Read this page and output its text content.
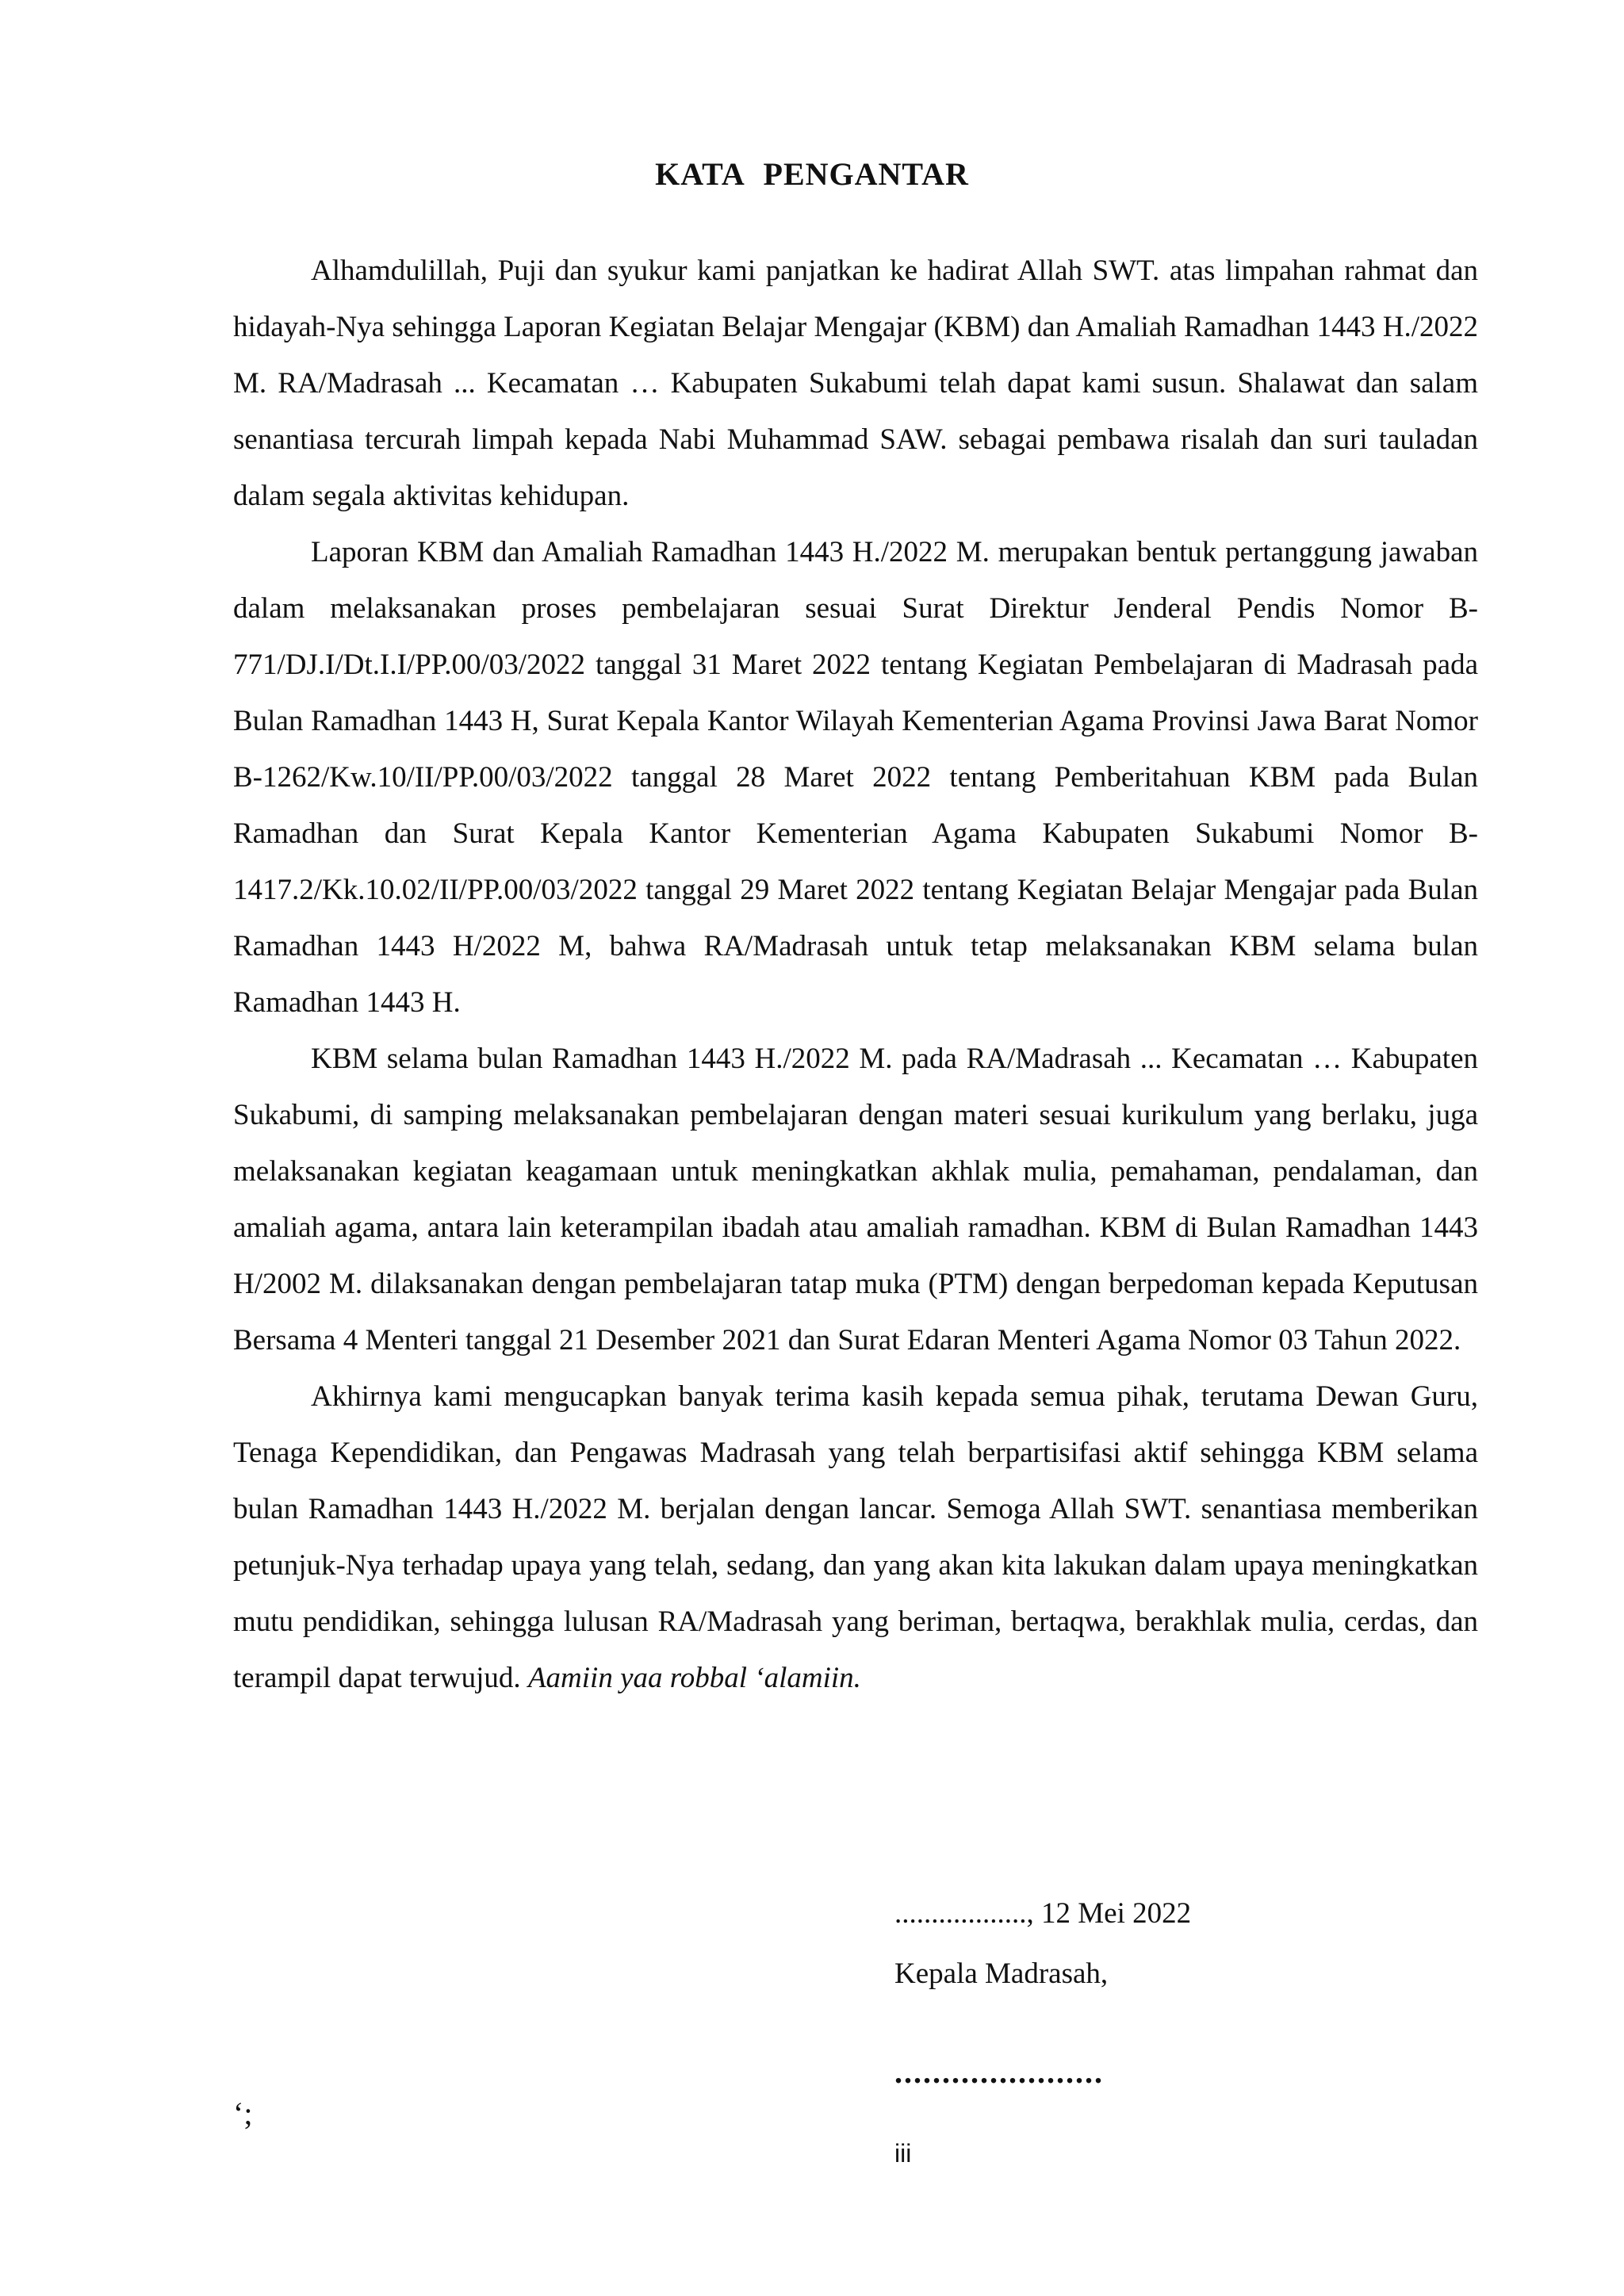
KATA PENGANTAR

Alhamdulillah, Puji dan syukur kami panjatkan ke hadirat Allah SWT. atas limpahan rahmat dan hidayah-Nya sehingga Laporan Kegiatan Belajar Mengajar (KBM) dan Amaliah Ramadhan 1443 H./2022 M. RA/Madrasah ... Kecamatan … Kabupaten Sukabumi telah dapat kami susun. Shalawat dan salam senantiasa tercurah limpah kepada Nabi Muhammad SAW. sebagai pembawa risalah dan suri tauladan dalam segala aktivitas kehidupan.

Laporan KBM dan Amaliah Ramadhan 1443 H./2022 M. merupakan bentuk pertanggung jawaban dalam melaksanakan proses pembelajaran sesuai Surat Direktur Jenderal Pendis Nomor B-771/DJ.I/Dt.I.I/PP.00/03/2022 tanggal 31 Maret 2022 tentang Kegiatan Pembelajaran di Madrasah pada Bulan Ramadhan 1443 H, Surat Kepala Kantor Wilayah Kementerian Agama Provinsi Jawa Barat Nomor B-1262/Kw.10/II/PP.00/03/2022 tanggal 28 Maret 2022 tentang Pemberitahuan KBM pada Bulan Ramadhan dan Surat Kepala Kantor Kementerian Agama Kabupaten Sukabumi Nomor B-1417.2/Kk.10.02/II/PP.00/03/2022 tanggal 29 Maret 2022 tentang Kegiatan Belajar Mengajar pada Bulan Ramadhan 1443 H/2022 M, bahwa RA/Madrasah untuk tetap melaksanakan KBM selama bulan Ramadhan 1443 H.

KBM selama bulan Ramadhan 1443 H./2022 M. pada RA/Madrasah ... Kecamatan … Kabupaten Sukabumi, di samping melaksanakan pembelajaran dengan materi sesuai kurikulum yang berlaku, juga melaksanakan kegiatan keagamaan untuk meningkatkan akhlak mulia, pemahaman, pendalaman, dan amaliah agama, antara lain keterampilan ibadah atau amaliah ramadhan. KBM di Bulan Ramadhan 1443 H/2002 M. dilaksanakan dengan pembelajaran tatap muka (PTM) dengan berpedoman kepada Keputusan Bersama 4 Menteri tanggal 21 Desember 2021 dan Surat Edaran Menteri Agama Nomor 03 Tahun 2022.

Akhirnya kami mengucapkan banyak terima kasih kepada semua pihak, terutama Dewan Guru, Tenaga Kependidikan, dan Pengawas Madrasah yang telah berpartisifasi aktif sehingga KBM selama bulan Ramadhan 1443 H./2022 M. berjalan dengan lancar. Semoga Allah SWT. senantiasa memberikan petunjuk-Nya terhadap upaya yang telah, sedang, dan yang akan kita lakukan dalam upaya meningkatkan mutu pendidikan, sehingga lulusan RA/Madrasah yang beriman, bertaqwa, berakhlak mulia, cerdas, dan terampil dapat terwujud. Aamiin yaa robbal ‘alamiin.

.................., 12 Mei 2022
Kepala Madrasah,
......................
‘;
iii
